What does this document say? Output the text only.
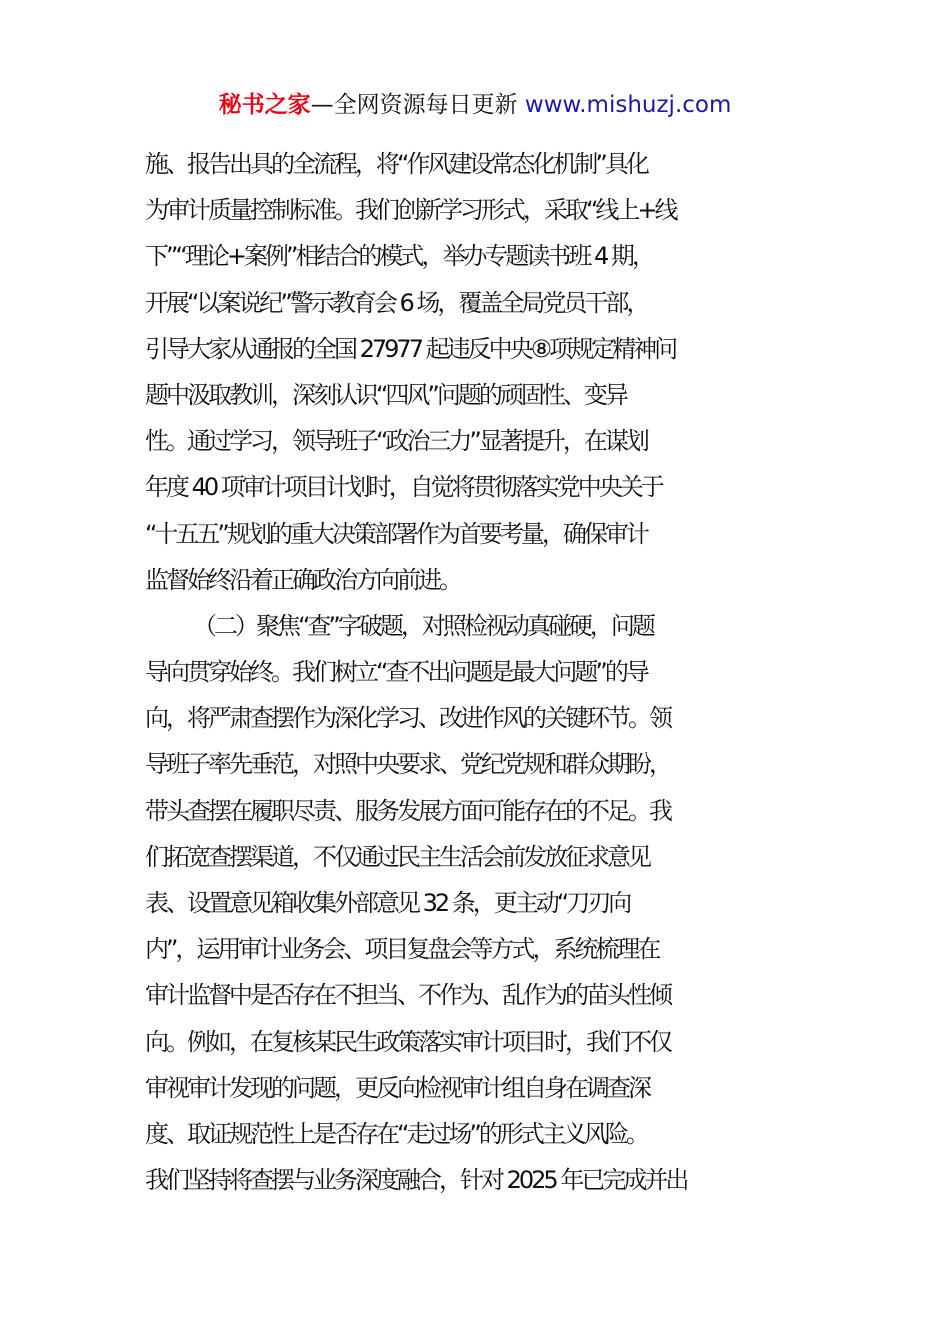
秘书之家—全网资源每日更新 www.mishuzj.com
施、报告出具的全流程，将“作风建设常态化机制”具化
为审计质量控制标准。我们创新学习形式，采取“线上+线
下”“理论+案例”相结合的模式，举办专题读书班 4 期，
开展“以案说纪”警示教育会 6 场，覆盖全局党员干部，
引导大家从通报的全国 27977 起违反中央⑧项规定精神问
题中汲取教训，深刻认识“四风”问题的顽固性、变异
性。通过学习，领导班子“政治三力”显著提升，在谋划
年度 40 项审计项目计划时，自觉将贯彻落实党中央关于
“十五五”规划的重大决策部署作为首要考量，确保审计
监督始终沿着正确政治方向前进。
（二）聚焦“查”字破题，对照检视动真碰硬，问题
导向贯穿始终。我们树立“查不出问题是最大问题”的导
向，将严肃查摆作为深化学习、改进作风的关键环节。领
导班子率先垂范，对照中央要求、党纪党规和群众期盼，
带头查摆在履职尽责、服务发展方面可能存在的不足。我
们拓宽查摆渠道，不仅通过民主生活会前发放征求意见
表、设置意见箱收集外部意见 32 条，更主动“刀刃向
内”，运用审计业务会、项目复盘会等方式，系统梳理在
审计监督中是否存在不担当、不作为、乱作为的苗头性倾
向。例如，在复核某民生政策落实审计项目时，我们不仅
审视审计发现的问题，更反向检视审计组自身在调查深
度、取证规范性上是否存在“走过场”的形式主义风险。
我们坚持将查摆与业务深度融合，针对 2025 年已完成并出
